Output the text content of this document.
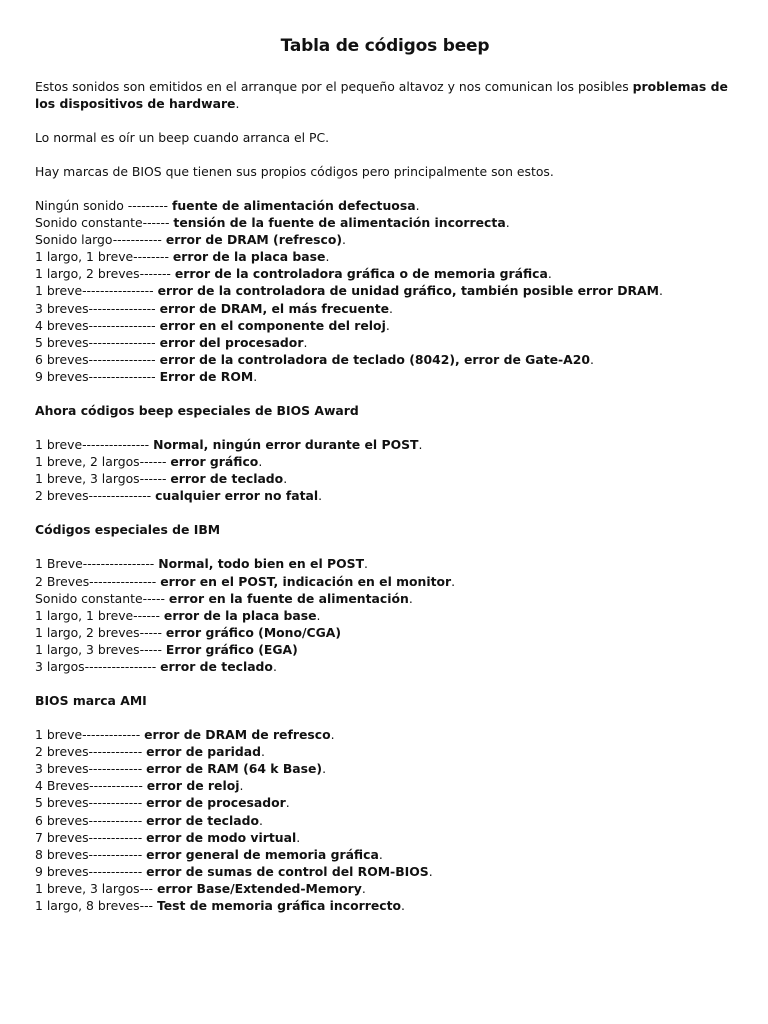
Tabla de códigos beep
Estos sonidos son emitidos en el arranque por el pequeño altavoz y nos comunican los posibles problemas de los dispositivos de hardware.
Lo normal es oír un beep cuando arranca el PC.
Hay marcas de BIOS que tienen sus propios códigos pero principalmente son estos.
Ningún sonido --------- fuente de alimentación defectuosa.
Sonido constante------ tensión de la fuente de alimentación incorrecta.
Sonido largo----------- error de DRAM (refresco).
1 largo, 1 breve-------- error de la placa base.
1 largo, 2 breves------- error de la controladora gráfica o de memoria gráfica.
1 breve---------------- error de la controladora de unidad gráfico, también posible error DRAM.
3 breves--------------- error de DRAM, el más frecuente.
4 breves--------------- error en el componente del reloj.
5 breves--------------- error del procesador.
6 breves--------------- error de la controladora de teclado (8042), error de Gate-A20.
9 breves--------------- Error de ROM.
Ahora códigos beep especiales de BIOS Award
1 breve--------------- Normal, ningún error durante el POST.
1 breve, 2 largos------ error gráfico.
1 breve, 3 largos------ error de teclado.
2 breves-------------- cualquier error no fatal.
Códigos especiales de IBM
1 Breve---------------- Normal, todo bien en el POST.
2 Breves--------------- error en el POST, indicación en el monitor.
Sonido constante----- error en la fuente de alimentación.
1 largo, 1 breve------ error de la placa base.
1 largo, 2 breves----- error gráfico (Mono/CGA)
1 largo, 3 breves----- Error gráfico (EGA)
3 largos---------------- error de teclado.
BIOS marca AMI
1 breve------------- error de DRAM de refresco.
2 breves------------ error de paridad.
3 breves------------ error de RAM (64 k Base).
4 Breves------------ error de reloj.
5 breves------------ error de procesador.
6 breves------------ error de teclado.
7 breves------------ error de modo virtual.
8 breves------------ error general de memoria gráfica.
9 breves------------ error de sumas de control del ROM-BIOS.
1 breve, 3 largos--- error Base/Extended-Memory.
1 largo, 8 breves--- Test de memoria gráfica incorrecto.
